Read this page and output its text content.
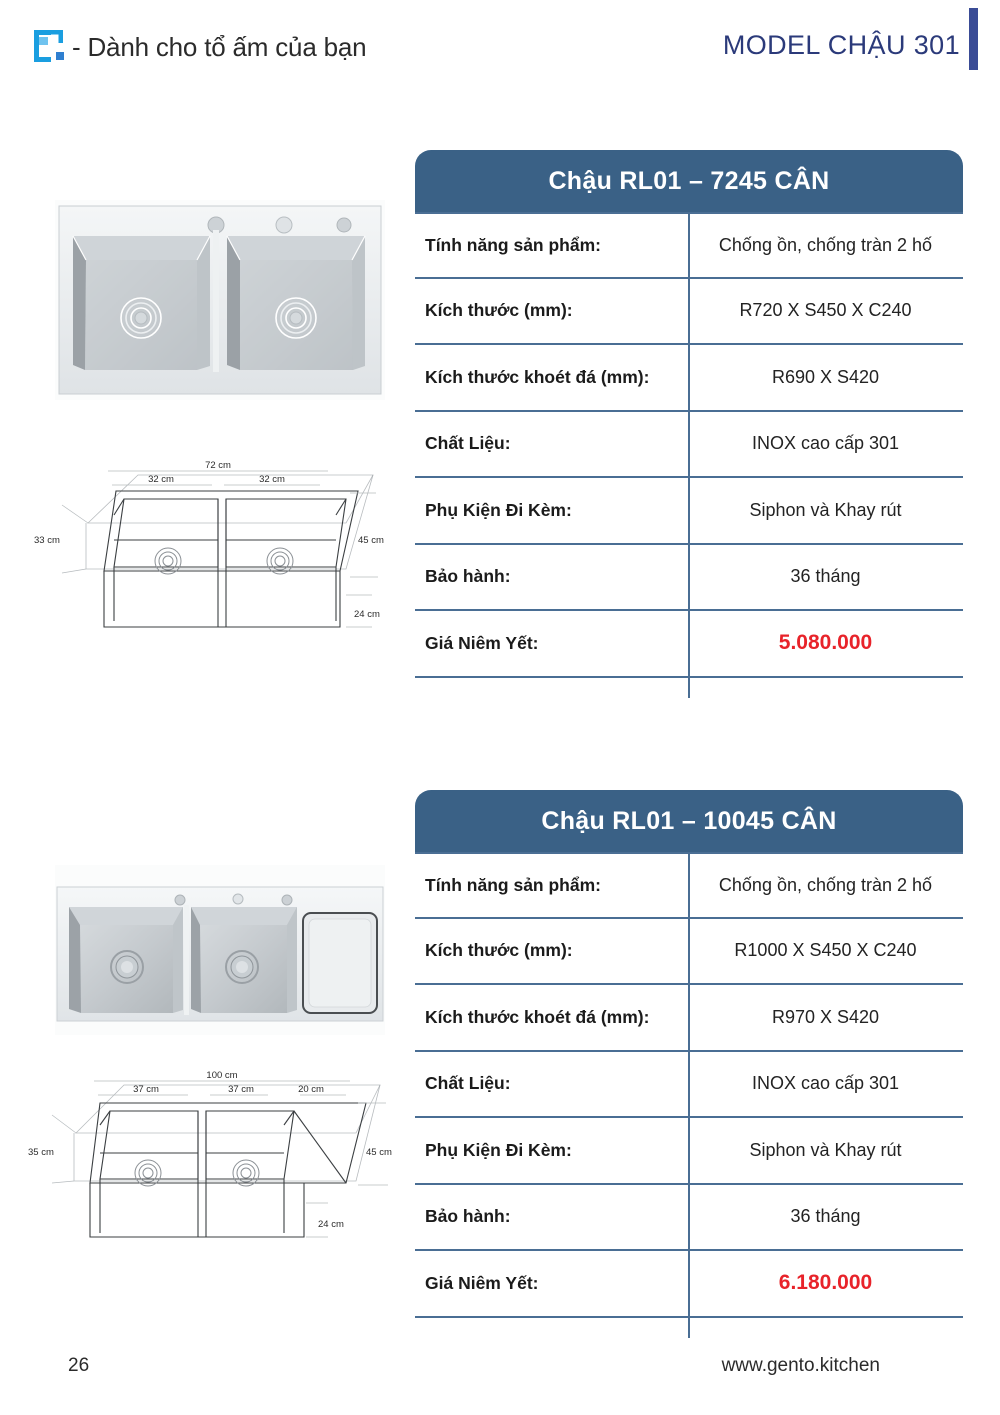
- Dành cho tổ ấm của bạn	MODEL CHẬU 301
72 cm
32 cm	32 cm
33 cm	45 cm
24 cm
Chậu RL01 – 7245 CÂN
Tính năng sản phẩm:	Chống ồn, chống tràn 2 hố
Kích thước (mm):	R720 X S450 X C240
Kích thước khoét đá (mm):	R690 X S420
Chất Liệu:	INOX cao cấp 301
Phụ Kiện Đi Kèm:	Siphon và Khay rút
Bảo hành:	36 tháng
Giá Niêm Yết:	5.080.000
100 cm
37 cm	37 cm	20 cm
35 cm	45 cm
24 cm
Chậu RL01 – 10045 CÂN
Tính năng sản phẩm:	Chống ồn, chống tràn 2 hố
Kích thước (mm):	R1000 X S450 X C240
Kích thước khoét đá (mm):	R970 X S420
Chất Liệu:	INOX cao cấp 301
Phụ Kiện Đi Kèm:	Siphon và Khay rút
Bảo hành:	36 tháng
Giá Niêm Yết:	6.180.000
26	www.gento.kitchen
